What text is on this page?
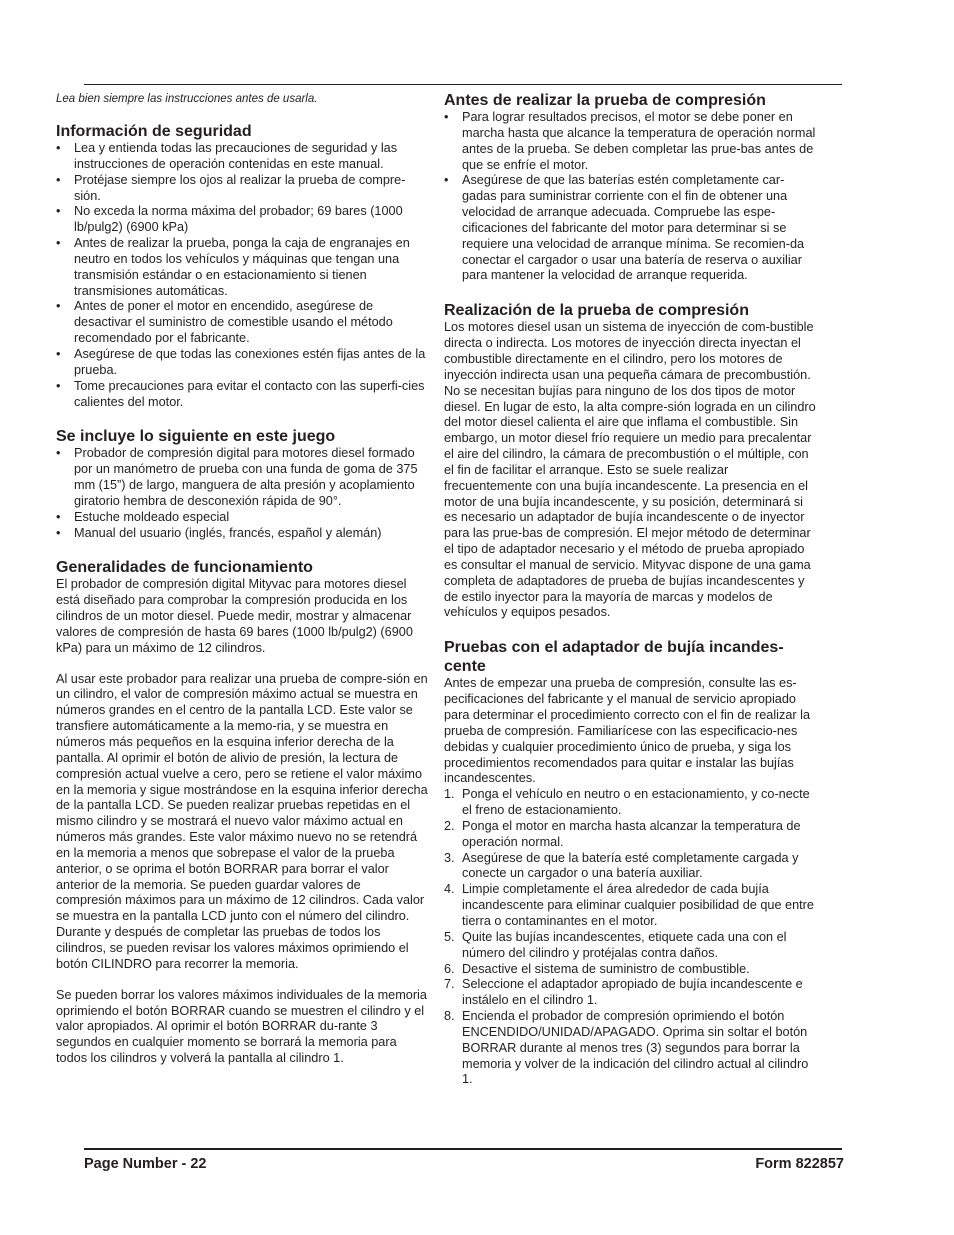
Lea bien siempre las instrucciones antes de usarla.

Información de seguridad
• Lea y entienda todas las precauciones de seguridad y las instrucciones de operación contenidas en este manual.
• Protéjase siempre los ojos al realizar la prueba de compre-sión.
• No exceda la norma máxima del probador; 69 bares (1000 lb/pulg2) (6900 kPa)
• Antes de realizar la prueba, ponga la caja de engranajes en neutro en todos los vehículos y máquinas que tengan una transmisión estándar o en estacionamiento si tienen transmisiones automáticas.
• Antes de poner el motor en encendido, asegúrese de desactivar el suministro de comestible usando el método recomendado por el fabricante.
• Asegúrese de que todas las conexiones estén fijas antes de la prueba.
• Tome precauciones para evitar el contacto con las superfi-cies calientes del motor.
Se incluye lo siguiente en este juego
• Probador de compresión digital para motores diesel formado por un manómetro de prueba con una funda de goma de 375 mm (15”) de largo, manguera de alta presión y acoplamiento giratorio hembra de desconexión rápida de 90°.
• Estuche moldeado especial
• Manual del usuario (inglés, francés, español y alemán)
Generalidades de funcionamiento

El probador de compresión digital Mityvac para motores diesel está diseñado para comprobar la compresión producida en los cilindros de un motor diesel. Puede medir, mostrar y almacenar valores de compresión de hasta 69 bares (1000 lb/pulg2) (6900 kPa) para un máximo de 12 cilindros.

Al usar este probador para realizar una prueba de compre-sión en un cilindro, el valor de compresión máximo actual se muestra en números grandes en el centro de la pantalla LCD. Este valor se transfiere automáticamente a la memo-ria, y se muestra en números más pequeños en la esquina inferior derecha de la pantalla. Al oprimir el botón de alivio de presión, la lectura de compresión actual vuelve a cero, pero se retiene el valor máximo en la memoria y sigue mostrándose en la esquina inferior derecha de la pantalla LCD. Se pueden realizar pruebas repetidas en el mismo cilindro y se mostrará el nuevo valor máximo actual en números más grandes. Este valor máximo nuevo no se retendrá en la memoria a menos que sobrepase el valor de la prueba anterior, o se oprima el botón BORRAR para borrar el valor anterior de la memoria. Se pueden guardar valores de compresión máximos para un máximo de 12 cilindros. Cada valor se muestra en la pantalla LCD junto con el número del cilindro. Durante y después de completar las pruebas de todos los cilindros, se pueden revisar los valores máximos oprimiendo el botón CILINDRO para recorrer la memoria.

Se pueden borrar los valores máximos individuales de la memoria oprimiendo el botón BORRAR cuando se muestren el cilindro y el valor apropiados. Al oprimir el botón BORRAR du-rante 3 segundos en cualquier momento se borrará la memoria para todos los cilindros y volverá la pantalla al cilindro 1.

Antes de realizar la prueba de compresión
• Para lograr resultados precisos, el motor se debe poner en marcha hasta que alcance la temperatura de operación normal antes de la prueba. Se deben completar las prue-bas antes de que se enfríe el motor.
• Asegúrese de que las baterías estén completamente car-gadas para suministrar corriente con el fin de obtener una velocidad de arranque adecuada. Compruebe las espe-cificaciones del fabricante del motor para determinar si se requiere una velocidad de arranque mínima. Se recomien-da conectar el cargador o usar una batería de reserva o auxiliar para mantener la velocidad de arranque requerida.
Realización de la prueba de compresión

Los motores diesel usan un sistema de inyección de com-bustible directa o indirecta. Los motores de inyección directa inyectan el combustible directamente en el cilindro, pero los motores de inyección indirecta usan una pequeña cámara de precombustión. No se necesitan bujías para ninguno de los dos tipos de motor diesel. En lugar de esto, la alta compre-sión lograda en un cilindro del motor diesel calienta el aire que inflama el combustible. Sin embargo, un motor diesel frío requiere un medio para precalentar el aire del cilindro, la cámara de precombustión o el múltiple, con el fin de facilitar el arranque. Esto se suele realizar frecuentemente con una bujía incandescente. La presencia en el motor de una bujía incandescente, y su posición, determinará si es necesario un adaptador de bujía incandescente o de inyector para las prue-bas de compresión. El mejor método de determinar el tipo de adaptador necesario y el método de prueba apropiado es consultar el manual de servicio. Mityvac dispone de una gama completa de adaptadores de prueba de bujías incandescentes y de estilo inyector para la mayoría de marcas y modelos de vehículos y equipos pesados.

Pruebas con el adaptador de bujía incandes-cente

Antes de empezar una prueba de compresión, consulte las es-pecificaciones del fabricante y el manual de servicio apropiado para determinar el procedimiento correcto con el fin de realizar la prueba de compresión. Familiarícese con las especificacio-nes debidas y cualquier procedimiento único de prueba, y siga los procedimientos recomendados para quitar e instalar las bujías incandescentes.

1. Ponga el vehículo en neutro o en estacionamiento, y co-necte el freno de estacionamiento.
2. Ponga el motor en marcha hasta alcanzar la temperatura de operación normal.
3. Asegúrese de que la batería esté completamente cargada y conecte un cargador o una batería auxiliar.
4. Limpie completamente el área alrededor de cada bujía incandescente para eliminar cualquier posibilidad de que entre tierra o contaminantes en el motor.
5. Quite las bujías incandescentes, etiquete cada una con el número del cilindro y protéjalas contra daños.
6. Desactive el sistema de suministro de combustible.
7. Seleccione el adaptador apropiado de bujía incandescente e instálelo en el cilindro 1.
8. Encienda el probador de compresión oprimiendo el botón ENCENDIDO/UNIDAD/APAGADO. Oprima sin soltar el botón BORRAR durante al menos tres (3) segundos para borrar la memoria y volver de la indicación del cilindro actual al cilindro 1.
Page Number - 22	Form 822857
